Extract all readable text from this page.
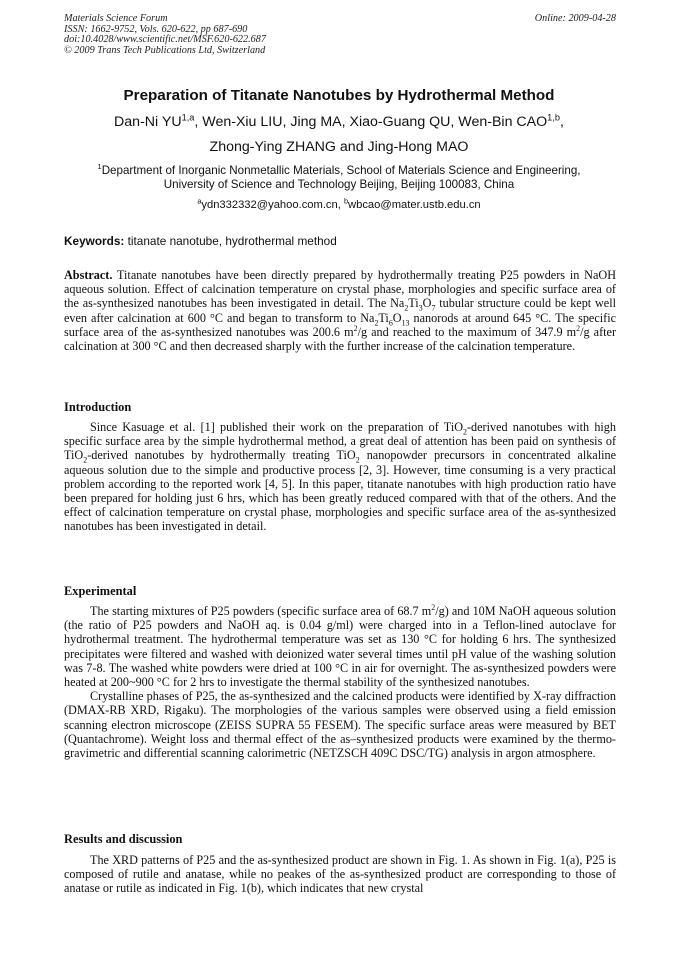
Materials Science Forum
ISSN: 1662-9752, Vols. 620-622, pp 687-690
doi:10.4028/www.scientific.net/MSF.620-622.687
© 2009 Trans Tech Publications Ltd, Switzerland
Online: 2009-04-28
Preparation of Titanate Nanotubes by Hydrothermal Method
Dan-Ni YU$^{1,a}$, Wen-Xiu LIU, Jing MA, Xiao-Guang QU, Wen-Bin CAO$^{1,b}$,
Zhong-Ying ZHANG and Jing-Hong MAO
$^1$Department of Inorganic Nonmetallic Materials, School of Materials Science and Engineering,
University of Science and Technology Beijing, Beijing 100083, China
$^a$ydn332332@yahoo.com.cn, $^b$wbcao@mater.ustb.edu.cn
Keywords: titanate nanotube, hydrothermal method
Abstract. Titanate nanotubes have been directly prepared by hydrothermally treating P25 powders in NaOH aqueous solution. Effect of calcination temperature on crystal phase, morphologies and specific surface area of the as-synthesized nanotubes has been investigated in detail. The $Na_2Ti_3O_7$ tubular structure could be kept well even after calcination at 600 °C and began to transform to $Na_2Ti_6O_{13}$ nanorods at around 645 °C. The specific surface area of the as-synthesized nanotubes was 200.6 $m^2/g$ and reached to the maximum of 347.9 $m^2/g$ after calcination at 300 °C and then decreased sharply with the further increase of the calcination temperature.
Introduction

Since Kasuage et al. [1] published their work on the preparation of TiO$_2$-derived nanotubes with high specific surface area by the simple hydrothermal method, a great deal of attention has been paid on synthesis of TiO$_2$-derived nanotubes by hydrothermally treating TiO$_2$ nanopowder precursors in concentrated alkaline aqueous solution due to the simple and productive process [2, 3]. However, time consuming is a very practical problem according to the reported work [4, 5]. In this paper, titanate nanotubes with high production ratio have been prepared for holding just 6 hrs, which has been greatly reduced compared with that of the others. And the effect of calcination temperature on crystal phase, morphologies and specific surface area of the as-synthesized nanotubes has been investigated in detail.

Experimental

The starting mixtures of P25 powders (specific surface area of 68.7 $m^2/g$) and 10M NaOH aqueous solution (the ratio of P25 powders and NaOH aq. is 0.04 g/ml) were charged into in a Teflon-lined autoclave for hydrothermal treatment. The hydrothermal temperature was set as 130 °C for holding 6 hrs. The synthesized precipitates were filtered and washed with deionized water several times until pH value of the washing solution was 7-8. The washed white powders were dried at 100 °C in air for overnight. The as-synthesized powders were heated at 200~900 °C for 2 hrs to investigate the thermal stability of the synthesized nanotubes.

Crystalline phases of P25, the as-synthesized and the calcined products were identified by X-ray diffraction (DMAX-RB XRD, Rigaku). The morphologies of the various samples were observed using a field emission scanning electron microscope (ZEISS SUPRA 55 FESEM). The specific surface areas were measured by BET (Quantachrome). Weight loss and thermal effect of the as–synthesized products were examined by the thermo-gravimetric and differential scanning calorimetric (NETZSCH 409C DSC/TG) analysis in argon atmosphere.

Results and discussion

The XRD patterns of P25 and the as-synthesized product are shown in Fig. 1. As shown in Fig. 1(a), P25 is composed of rutile and anatase, while no peakes of the as-synthesized product are corresponding to those of anatase or rutile as indicated in Fig. 1(b), which indicates that new crystal
